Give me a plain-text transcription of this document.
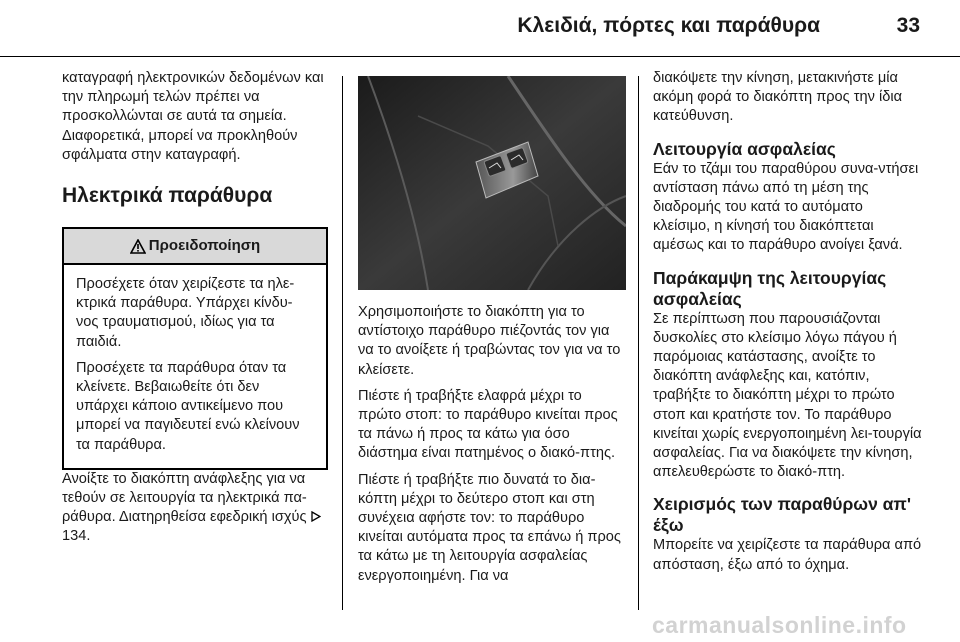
Κλειδιά, πόρτες και παράθυρα	33

καταγραφή ηλεκτρονικών δεδομένων και την πληρωμή τελών πρέπει να προσκολλώνται σε αυτά τα σημεία. Διαφορετικά, μπορεί να προκληθούν σφάλματα στην καταγραφή.

Ηλεκτρικά παράθυρα
Προειδοποίηση

Προσέχετε όταν χειρίζεστε τα ηλε-κτρικά παράθυρα. Υπάρχει κίνδυ-νος τραυματισμού, ιδίως για τα παιδιά.

Προσέχετε τα παράθυρα όταν τα κλείνετε. Βεβαιωθείτε ότι δεν υπάρχει κάποιο αντικείμενο που μπορεί να παγιδευτεί ενώ κλείνουν τα παράθυρα.

Ανοίξτε το διακόπτη ανάφλεξης για να τεθούν σε λειτουργία τα ηλεκτρικά πα-ράθυρα. Διατηρηθείσα εφεδρική ισχύς  134.

Χρησιμοποιήστε το διακόπτη για το αντίστοιχο παράθυρο πιέζοντάς τον για να το ανοίξετε ή τραβώντας τον για να το κλείσετε.

Πιέστε ή τραβήξτε ελαφρά μέχρι το πρώτο στοπ: το παράθυρο κινείται προς τα πάνω ή προς τα κάτω για όσο διάστημα είναι πατημένος ο διακό-πτης.

Πιέστε ή τραβήξτε πιο δυνατά το δια-κόπτη μέχρι το δεύτερο στοπ και στη συνέχεια αφήστε τον: το παράθυρο κινείται αυτόματα προς τα επάνω ή προς τα κάτω με τη λειτουργία ασφαλείας ενεργοποιημένη. Για να

διακόψετε την κίνηση, μετακινήστε μία ακόμη φορά το διακόπτη προς την ίδια κατεύθυνση.

Λειτουργία ασφαλείας

Εάν το τζάμι του παραθύρου συνα-ντήσει αντίσταση πάνω από τη μέση της διαδρομής του κατά το αυτόματο κλείσιμο, η κίνησή του διακόπτεται αμέσως και το παράθυρο ανοίγει ξανά.

Παράκαμψη της λειτουργίας ασφαλείας

Σε περίπτωση που παρουσιάζονται δυσκολίες στο κλείσιμο λόγω πάγου ή παρόμοιας κατάστασης, ανοίξτε το διακόπτη ανάφλεξης και, κατόπιν, τραβήξτε το διακόπτη μέχρι το πρώτο στοπ και κρατήστε τον. Το παράθυρο κινείται χωρίς ενεργοποιημένη λει-τουργία ασφαλείας. Για να διακόψετε την κίνηση, απελευθερώστε το διακό-πτη.

Χειρισμός των παραθύρων απ' έξω

Μπορείτε να χειρίζεστε τα παράθυρα από απόσταση, έξω από το όχημα.

carmanualsonline.info
